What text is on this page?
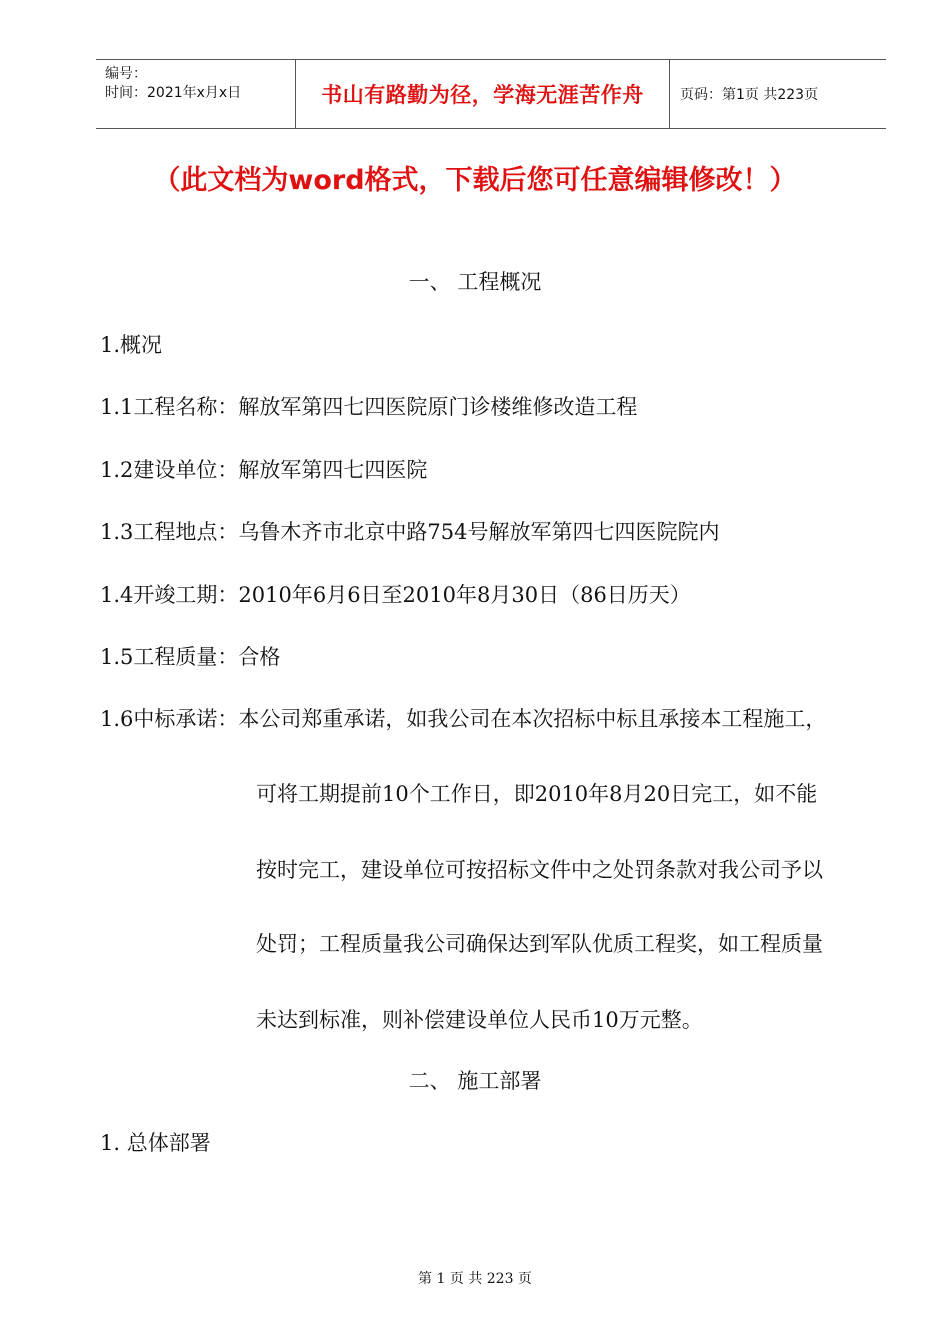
编号：
时间：2021年x月x日	书山有路勤为径，学海无涯苦作舟	页码：第1页 共223页
（此文档为word格式，下载后您可任意编辑修改！）
一、 工程概况
1.概况
1.1工程名称：解放军第四七四医院原门诊楼维修改造工程
1.2建设单位：解放军第四七四医院
1.3工程地点：乌鲁木齐市北京中路754号解放军第四七四医院院内
1.4开竣工期：2010年6月6日至2010年8月30日（86日历天）
1.5工程质量：合格
1.6中标承诺：本公司郑重承诺，如我公司在本次招标中标且承接本工程施工，
可将工期提前10个工作日，即2010年8月20日完工，如不能
按时完工，建设单位可按招标文件中之处罚条款对我公司予以
处罚；工程质量我公司确保达到军队优质工程奖，如工程质量
未达到标准，则补偿建设单位人民币10万元整。
二、 施工部署
1. 总体部署
第 1 页 共 223 页
